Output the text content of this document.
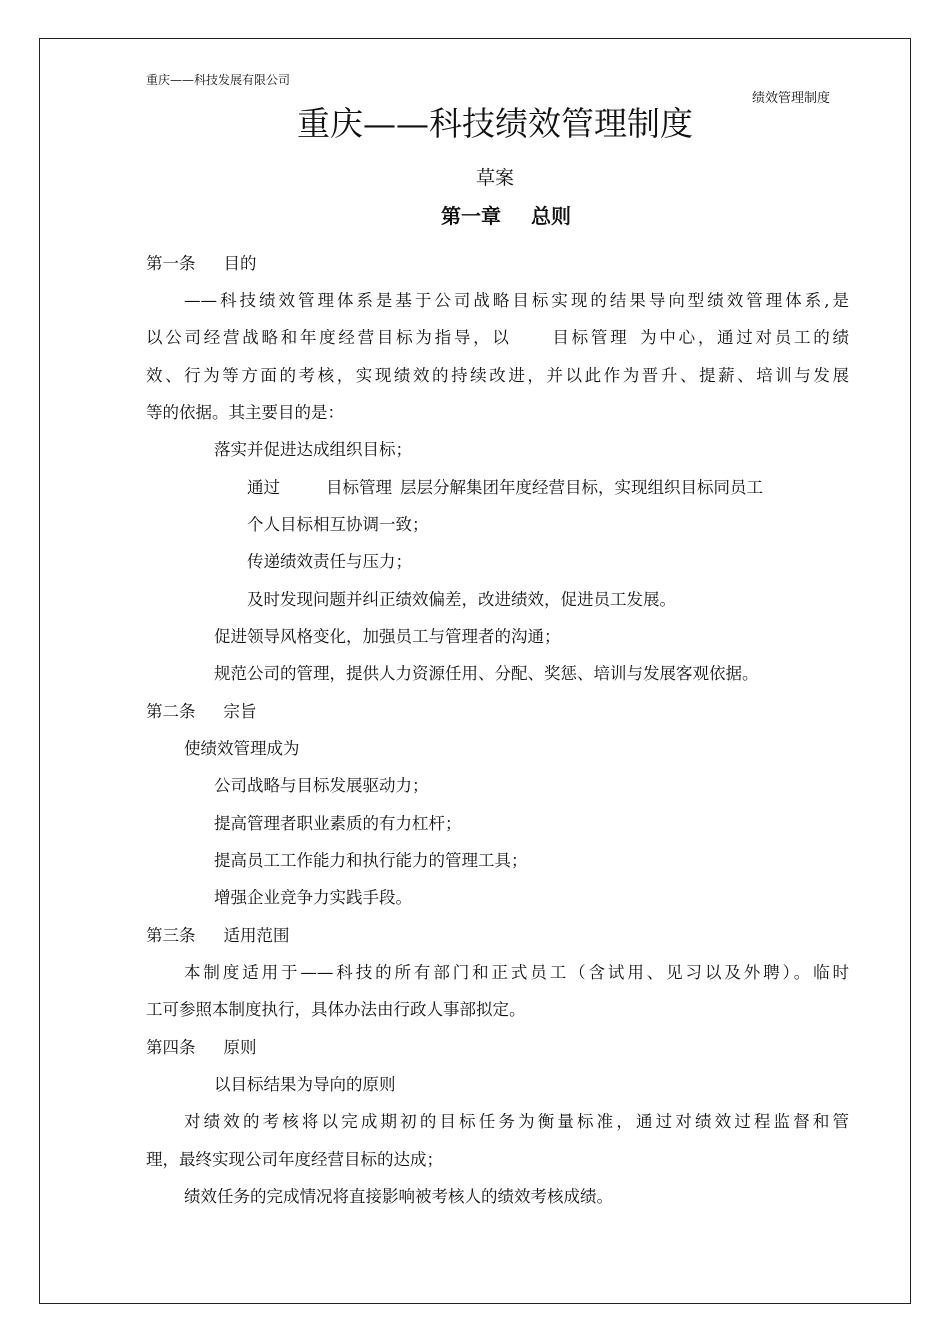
重庆——科技发展有限公司
绩效管理制度
重庆——科技绩效管理制度
草案
第一章 总则
第一条 目的
——科技绩效管理体系是基于公司战略目标实现的结果导向型绩效管理体系,是
以公司经营战略和年度经营目标为指导，以 目标管理 为中心，通过对员工的绩
效、行为等方面的考核，实现绩效的持续改进，并以此作为晋升、提薪、培训与发展
等的依据。其主要目的是：
落实并促进达成组织目标；
通过	目标管理 层层分解集团年度经营目标，实现组织目标同员工
个人目标相互协调一致；
传递绩效责任与压力；
及时发现问题并纠正绩效偏差，改进绩效，促进员工发展。
促进领导风格变化，加强员工与管理者的沟通；
规范公司的管理，提供人力资源任用、分配、奖惩、培训与发展客观依据。
第二条 宗旨
使绩效管理成为
公司战略与目标发展驱动力；
提高管理者职业素质的有力杠杆；
提高员工工作能力和执行能力的管理工具；
增强企业竞争力实践手段。
第三条 适用范围
本制度适用于——科技的所有部门和正式员工（含试用、见习以及外聘）。临时
工可参照本制度执行，具体办法由行政人事部拟定。
第四条 原则
以目标结果为导向的原则
对绩效的考核将以完成期初的目标任务为衡量标准，通过对绩效过程监督和管
理，最终实现公司年度经营目标的达成；
绩效任务的完成情况将直接影响被考核人的绩效考核成绩。
